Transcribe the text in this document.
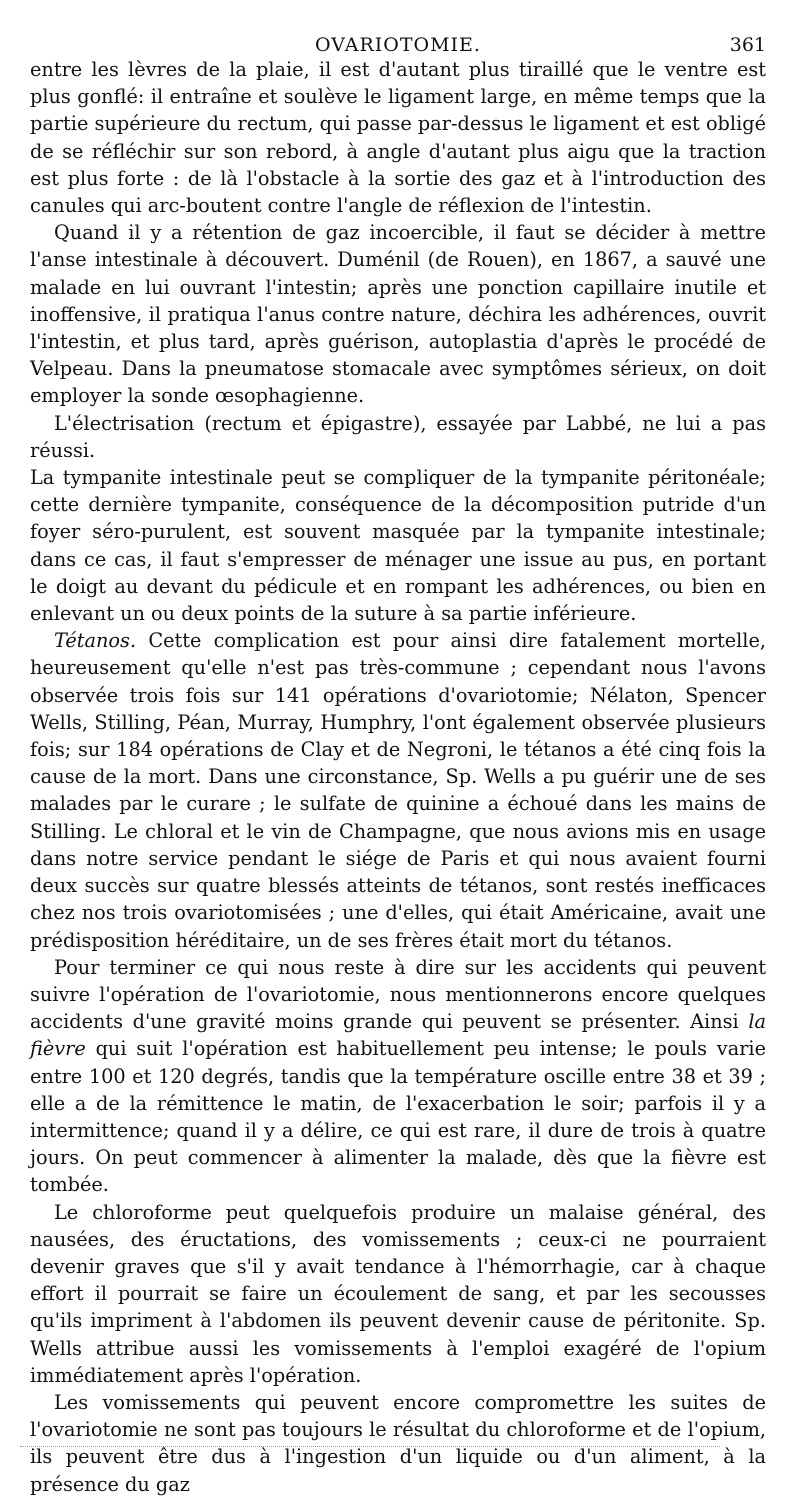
OVARIOTOMIE.	361

entre les lèvres de la plaie, il est d'autant plus tiraillé que le ventre est plus gonflé: il entraîne et soulève le ligament large, en même temps que la partie supérieure du rectum, qui passe par-dessus le ligament et est obligé de se réfléchir sur son rebord, à angle d'autant plus aigu que la traction est plus forte : de là l'obstacle à la sortie des gaz et à l'introduction des canules qui arc-boutent contre l'angle de réflexion de l'intestin.

Quand il y a rétention de gaz incoercible, il faut se décider à mettre l'anse intestinale à découvert. Duménil (de Rouen), en 1867, a sauvé une malade en lui ouvrant l'intestin; après une ponction capillaire inutile et inoffensive, il pratiqua l'anus contre nature, déchira les adhérences, ouvrit l'intestin, et plus tard, après guérison, autoplastia d'après le procédé de Velpeau. Dans la pneumatose stomacale avec symptômes sérieux, on doit employer la sonde œsophagienne.

L'électrisation (rectum et épigastre), essayée par Labbé, ne lui a pas réussi.

La tympanite intestinale peut se compliquer de la tympanite péritonéale; cette dernière tympanite, conséquence de la décomposition putride d'un foyer séro-purulent, est souvent masquée par la tympanite intestinale; dans ce cas, il faut s'empresser de ménager une issue au pus, en portant le doigt au devant du pédicule et en rompant les adhérences, ou bien en enlevant un ou deux points de la suture à sa partie inférieure.

Tétanos. Cette complication est pour ainsi dire fatalement mortelle, heureusement qu'elle n'est pas très-commune ; cependant nous l'avons observée trois fois sur 141 opérations d'ovariotomie; Nélaton, Spencer Wells, Stilling, Péan, Murray, Humphry, l'ont également observée plusieurs fois; sur 184 opérations de Clay et de Negroni, le tétanos a été cinq fois la cause de la mort. Dans une circonstance, Sp. Wells a pu guérir une de ses malades par le curare ; le sulfate de quinine a échoué dans les mains de Stilling. Le chloral et le vin de Champagne, que nous avions mis en usage dans notre service pendant le siége de Paris et qui nous avaient fourni deux succès sur quatre blessés atteints de tétanos, sont restés inefficaces chez nos trois ovariotomisées ; une d'elles, qui était Américaine, avait une prédisposition héréditaire, un de ses frères était mort du tétanos.

Pour terminer ce qui nous reste à dire sur les accidents qui peuvent suivre l'opération de l'ovariotomie, nous mentionnerons encore quelques accidents d'une gravité moins grande qui peuvent se présenter. Ainsi la fièvre qui suit l'opération est habituellement peu intense; le pouls varie entre 100 et 120 degrés, tandis que la température oscille entre 38 et 39 ; elle a de la rémittence le matin, de l'exacerbation le soir; parfois il y a intermittence; quand il y a délire, ce qui est rare, il dure de trois à quatre jours. On peut commencer à alimenter la malade, dès que la fièvre est tombée.

Le chloroforme peut quelquefois produire un malaise général, des nausées, des éructations, des vomissements ; ceux-ci ne pourraient devenir graves que s'il y avait tendance à l'hémorrhagie, car à chaque effort il pourrait se faire un écoulement de sang, et par les secousses qu'ils impriment à l'abdomen ils peuvent devenir cause de péritonite. Sp. Wells attribue aussi les vomissements à l'emploi exagéré de l'opium immédiatement après l'opération.

Les vomissements qui peuvent encore compromettre les suites de l'ovariotomie ne sont pas toujours le résultat du chloroforme et de l'opium, ils peuvent être dus à l'ingestion d'un liquide ou d'un aliment, à la présence du gaz
